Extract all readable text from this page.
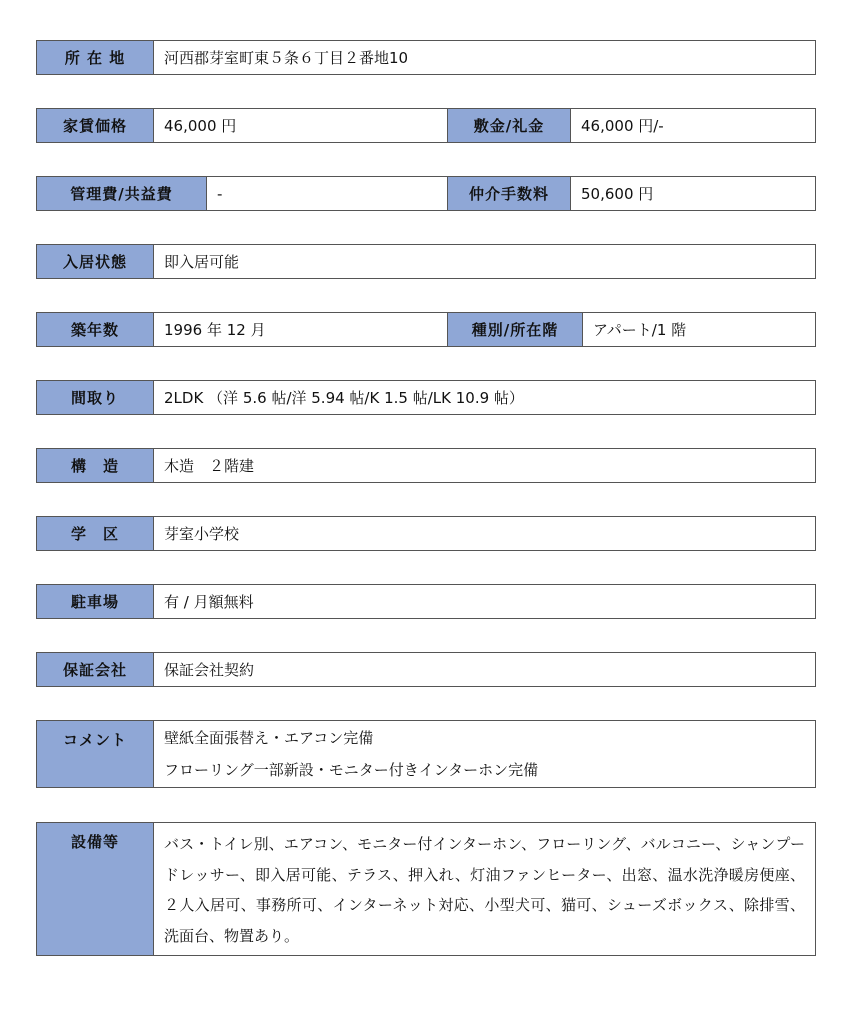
所 在 地	河西郡芽室町東５条６丁目２番地10
家賃価格	46,000 円	敷金/礼金	46,000 円/-
管理費/共益費	-	仲介手数料	50,600 円
入居状態	即入居可能
築年数	1996 年 12 月	種別/所在階	アパート/1 階
間取り	2LDK （洋 5.6 帖/洋 5.94 帖/K 1.5 帖/LK 10.9 帖）
構　造	木造　２階建
学　区	芽室小学校
駐車場	有 / 月額無料
保証会社	保証会社契約
コメント	壁紙全面張替え・エアコン完備
フローリング一部新設・モニター付きインターホン完備
設備等	バス・トイレ別、エアコン、モニター付インターホン、フローリング、バルコニー、シャンプードレッサー、即入居可能、テラス、押入れ、灯油ファンヒーター、出窓、温水洗浄暖房便座、２人入居可、事務所可、インターネット対応、小型犬可、猫可、シューズボックス、除排雪、洗面台、物置あり。
